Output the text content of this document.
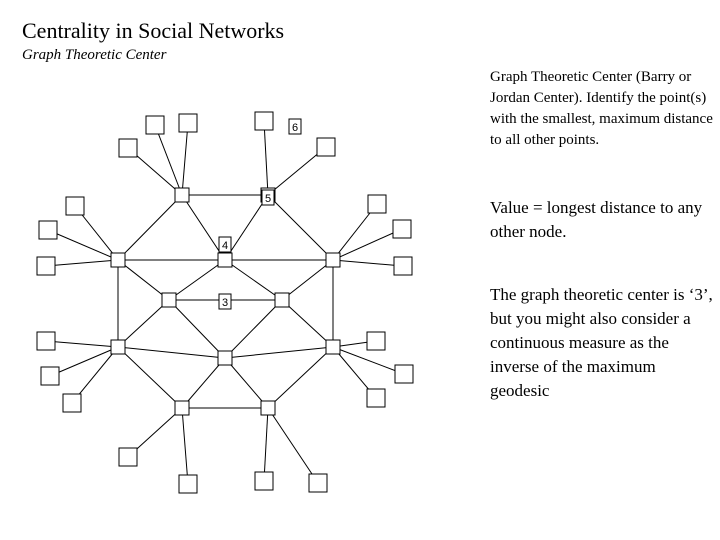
Centrality in Social Networks
Graph Theoretic Center

Graph Theoretic Center (Barry or Jordan Center). Identify the point(s) with the smallest, maximum distance to all other points.

Value = longest distance to any other node.

The graph theoretic center is ‘3’, but you might also consider a continuous measure as the inverse of the maximum geodesic

6
5
4
3
